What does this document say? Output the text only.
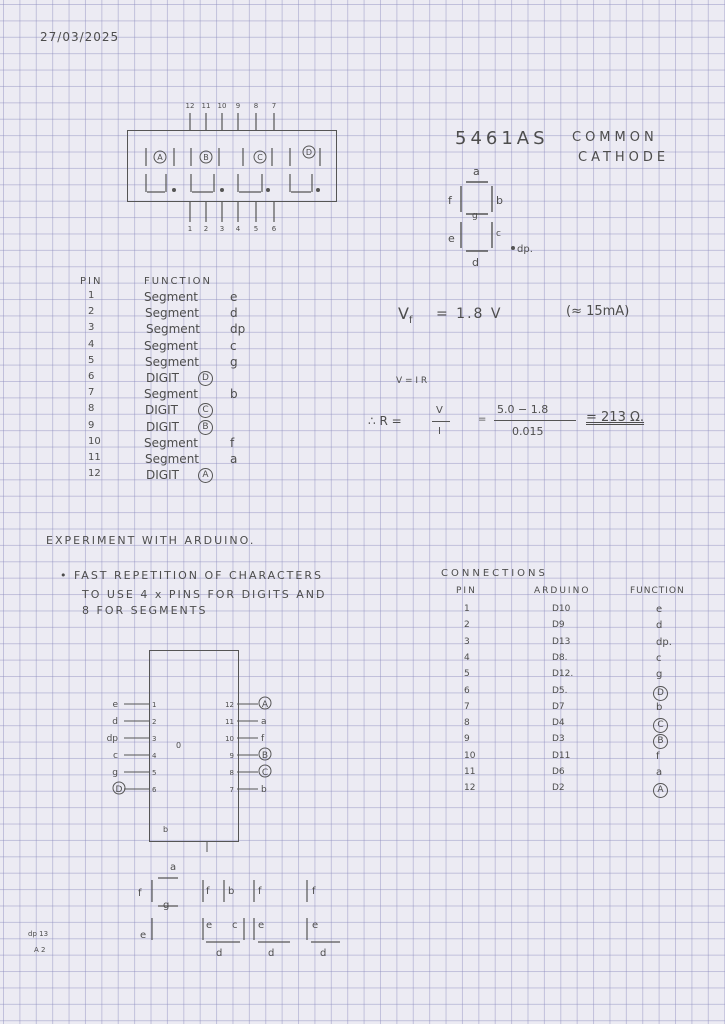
27/03/2025
A	B	C
D
12 11 10 9 8 7
1 2 3 4 5 6
5461AS COMMON
CATHODE
a
b
c
d
e
f
g
dp.
PIN	FUNCTION
1	Segment	e
2	Segment	d
3	Segment	dp
4	Segment	c
5	Segment	g
6	DIGIT	D
7	Segment	b
8	DIGIT	C
9	DIGIT	B
10	Segment	f
11	Segment	a
12	DIGIT	A
$V_f = 1.8$ V	(≈ 15mA)
V = I R
∴ R =
V
I
=
5.0 − 1.8
0.015
= 213 Ω.
EXPERIMENT WITH ARDUINO.
• FAST REPETITION OF CHARACTERS
TO USE 4 x PINS FOR DIGITS AND
8 FOR SEGMENTS
e	1
d	2
dp	3
c	4
g	5
D	6
12	A
11	a
10	f
9	B
8	C
7	b
0
b
CONNECTIONS
PIN	ARDUINO	FUNCTION
1	D10	e
2	D9	d
3	D13	dp.
4	D8.	c
5	D12.	g
6	D5.	D
7	D7	b
8	D4	C
9	D3	B
10	D11	f
11	D6	a
12	D2	A
a
f
g
e
f b
e c
d
f
e
d
f
e
d
dp 13
A 2
